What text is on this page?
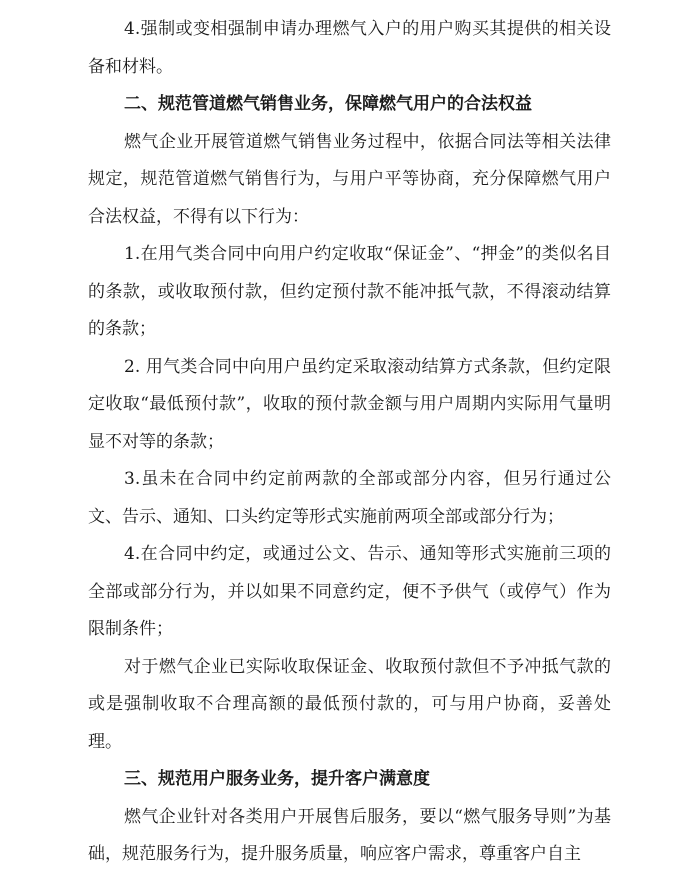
4.强制或变相强制申请办理燃气入户的用户购买其提供的相关设备和材料。

二、规范管道燃气销售业务，保障燃气用户的合法权益

燃气企业开展管道燃气销售业务过程中，依据合同法等相关法律规定，规范管道燃气销售行为，与用户平等协商，充分保障燃气用户合法权益，不得有以下行为：

1.在用气类合同中向用户约定收取“保证金”、“押金”的类似名目的条款，或收取预付款，但约定预付款不能冲抵气款，不得滚动结算的条款；

2. 用气类合同中向用户虽约定采取滚动结算方式条款，但约定限定收取“最低预付款”，收取的预付款金额与用户周期内实际用气量明显不对等的条款；

3.虽未在合同中约定前两款的全部或部分内容，但另行通过公文、告示、通知、口头约定等形式实施前两项全部或部分行为；

4.在合同中约定，或通过公文、告示、通知等形式实施前三项的全部或部分行为，并以如果不同意约定，便不予供气（或停气）作为限制条件；

对于燃气企业已实际收取保证金、收取预付款但不予冲抵气款的或是强制收取不合理高额的最低预付款的，可与用户协商，妥善处理。

三、规范用户服务业务，提升客户满意度

燃气企业针对各类用户开展售后服务，要以“燃气服务导则”为基础，规范服务行为，提升服务质量，响应客户需求，尊重客户自主
